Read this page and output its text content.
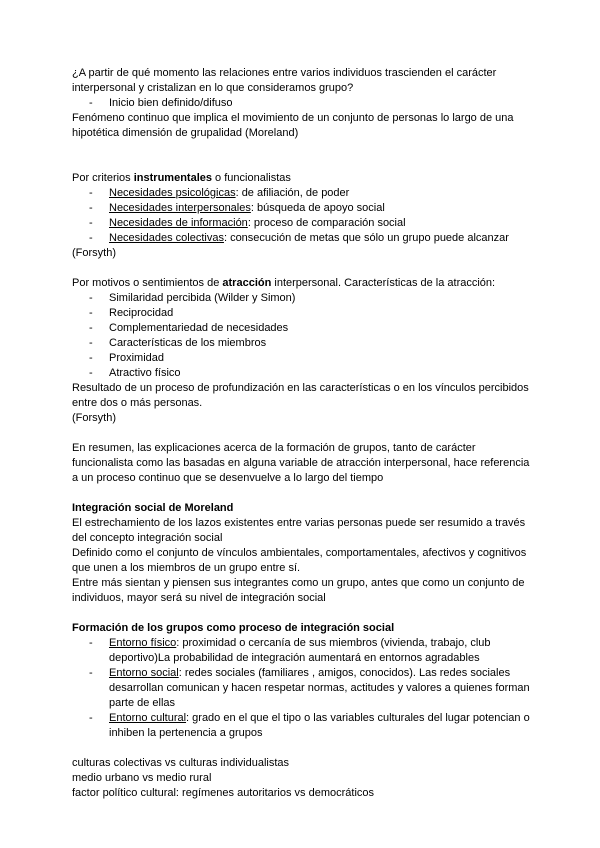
¿A partir de qué momento las relaciones entre varios individuos trascienden el carácter interpersonal y cristalizan en lo que consideramos grupo?

- Inicio bien definido/difuso

Fenómeno continuo que implica el movimiento de un conjunto de personas lo largo de una hipotética dimensión de grupalidad (Moreland)

Por criterios instrumentales o funcionalistas

- Necesidades psicológicas: de afiliación, de poder
- Necesidades interpersonales: búsqueda de apoyo social
- Necesidades de información: proceso de comparación social
- Necesidades colectivas: consecución de metas que sólo un grupo puede alcanzar

(Forsyth)

Por motivos o sentimientos de atracción interpersonal. Características de la atracción:

- Similaridad percibida (Wilder y Simon)
- Reciprocidad
- Complementariedad de necesidades
- Características de los miembros
- Proximidad
- Atractivo físico

Resultado de un proceso de profundización en las características o en los vínculos percibidos entre dos o más personas.

(Forsyth)

En resumen, las explicaciones acerca de la formación de grupos, tanto de carácter funcionalista como las basadas en alguna variable de atracción interpersonal, hace referencia a un proceso continuo que se desenvuelve a lo largo del tiempo

Integración social de Moreland

El estrechamiento de los lazos existentes entre varias personas puede ser resumido a través del concepto integración social

Definido como el conjunto de vínculos ambientales, comportamentales, afectivos y cognitivos que unen a los miembros de un grupo entre sí.

Entre más sientan y piensen sus integrantes como un grupo, antes que como un conjunto de individuos, mayor será su nivel de integración social

Formación de los grupos como proceso de integración social

- Entorno físico: proximidad o cercanía de sus miembros (vivienda, trabajo, club deportivo)La probabilidad de integración aumentará en entornos agradables
- Entorno social: redes sociales (familiares , amigos, conocidos). Las redes sociales desarrollan comunican y hacen respetar normas, actitudes y valores a quienes forman parte de ellas
- Entorno cultural: grado en el que el tipo o las variables culturales del lugar potencian o inhiben la pertenencia a grupos

culturas colectivas vs culturas individualistas

medio urbano vs medio rural

factor político cultural: regímenes autoritarios vs democráticos
